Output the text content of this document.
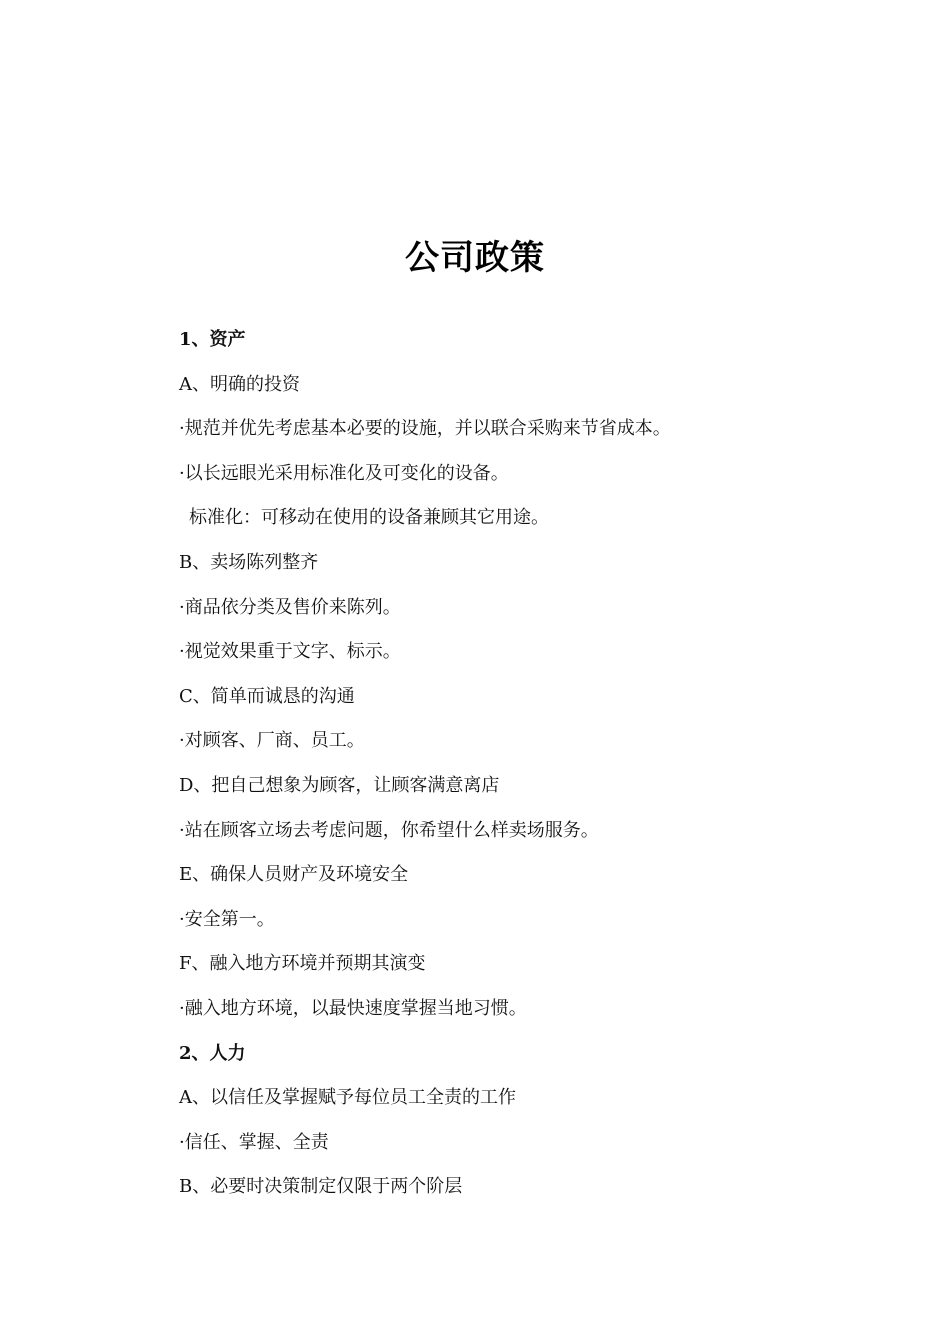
公司政策
1、资产
A、明确的投资
·规范并优先考虑基本必要的设施，并以联合采购来节省成本。
·以长远眼光采用标准化及可变化的设备。
标准化：可移动在使用的设备兼顾其它用途。
B、卖场陈列整齐
·商品依分类及售价来陈列。
·视觉效果重于文字、标示。
C、简单而诚恳的沟通
·对顾客、厂商、员工。
D、把自己想象为顾客，让顾客满意离店
·站在顾客立场去考虑问题，你希望什么样卖场服务。
E、确保人员财产及环境安全
·安全第一。
F、融入地方环境并预期其演变
·融入地方环境，以最快速度掌握当地习惯。
2、人力
A、以信任及掌握赋予每位员工全责的工作
·信任、掌握、全责
B、必要时决策制定仅限于两个阶层
